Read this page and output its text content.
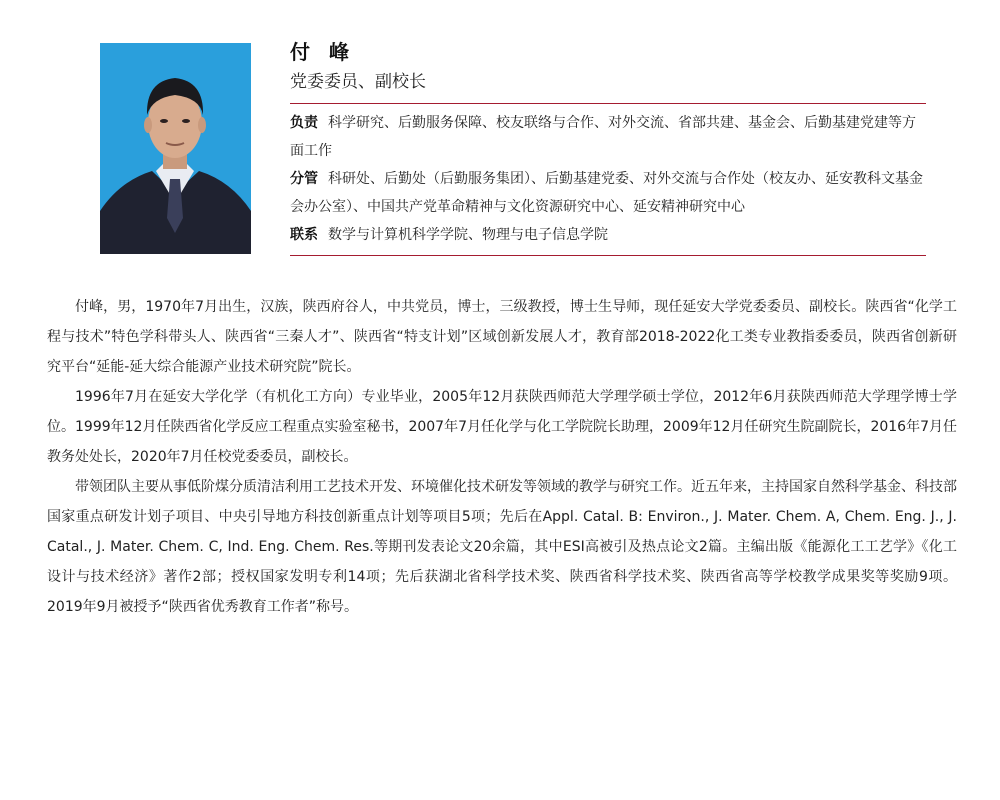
付 峰
党委委员、副校长
负责 科学研究、后勤服务保障、校友联络与合作、对外交流、省部共建、基金会、后勤基建党建等方面工作
分管 科研处、后勤处（后勤服务集团）、后勤基建党委、对外交流与合作处（校友办、延安教科文基金会办公室）、中国共产党革命精神与文化资源研究中心、延安精神研究中心
联系 数学与计算机科学学院、物理与电子信息学院

付峰，男，1970年7月出生，汉族，陕西府谷人，中共党员，博士，三级教授，博士生导师，现任延安大学党委委员、副校长。陕西省“化学工程与技术”特色学科带头人、陕西省“三秦人才”、陕西省“特支计划”区域创新发展人才，教育部2018-2022化工类专业教指委委员，陕西省创新研究平台“延能-延大综合能源产业技术研究院”院长。

1996年7月在延安大学化学（有机化工方向）专业毕业，2005年12月获陕西师范大学理学硕士学位，2012年6月获陕西师范大学理学博士学位。1999年12月任陕西省化学反应工程重点实验室秘书，2007年7月任化学与化工学院院长助理，2009年12月任研究生院副院长，2016年7月任教务处处长，2020年7月任校党委委员，副校长。

带领团队主要从事低阶煤分质清洁利用工艺技术开发、环境催化技术研发等领域的教学与研究工作。近五年来，主持国家自然科学基金、科技部国家重点研发计划子项目、中央引导地方科技创新重点计划等项目5项；先后在Appl. Catal. B: Environ., J. Mater. Chem. A, Chem. Eng. J., J. Catal., J. Mater. Chem. C, Ind. Eng. Chem. Res.等期刊发表论文20余篇，其中ESI高被引及热点论文2篇。主编出版《能源化工工艺学》《化工设计与技术经济》著作2部；授权国家发明专利14项；先后获湖北省科学技术奖、陕西省科学技术奖、陕西省高等学校教学成果奖等奖励9项。2019年9月被授予“陕西省优秀教育工作者”称号。
